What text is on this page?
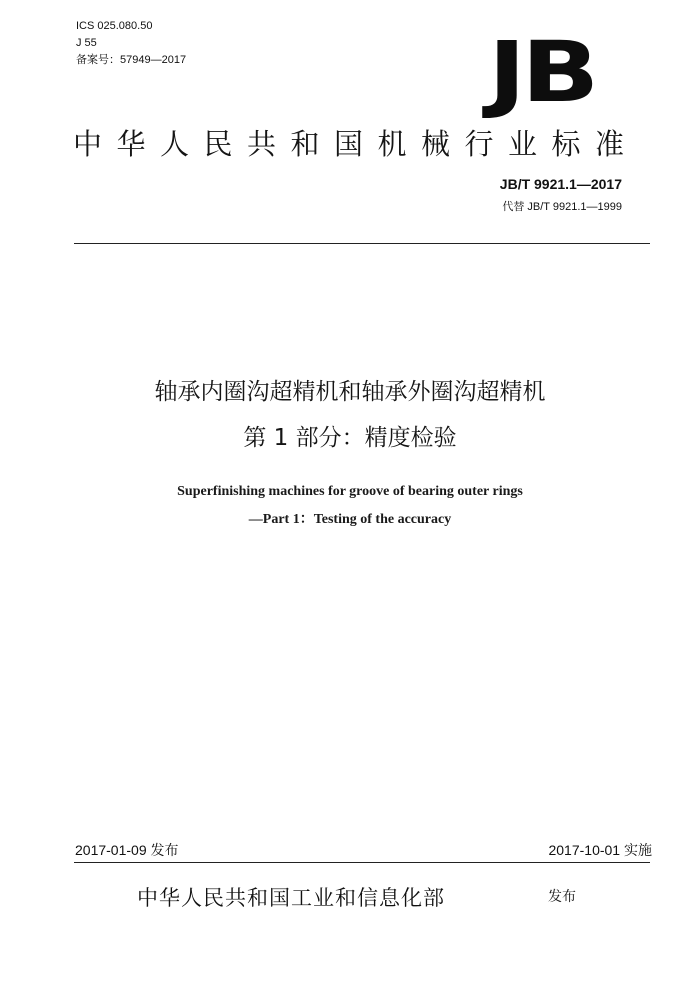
ICS 025.080.50
J 55
备案号：57949—2017	JB
中华人民共和国机械行业标准
JB/T 9921.1—2017
代替 JB/T 9921.1—1999
轴承内圈沟超精机和轴承外圈沟超精机
第 1 部分：精度检验
Superfinishing machines for groove of bearing outer rings
—Part 1：Testing of the accuracy
2017-01-09 发布	2017-10-01 实施
中华人民共和国工业和信息化部	发布
